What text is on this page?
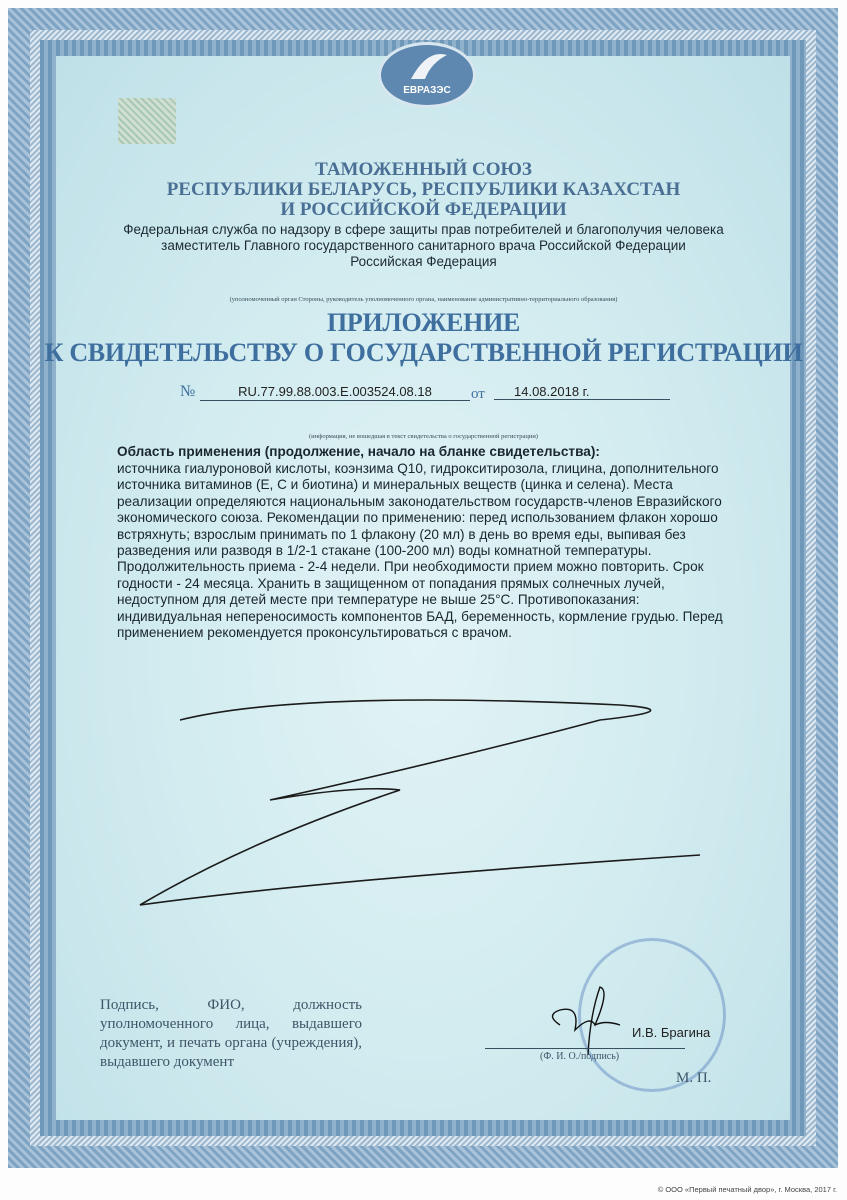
ЕВРАЗЭС
ТАМОЖЕННЫЙ СОЮЗ
РЕСПУБЛИКИ БЕЛАРУСЬ, РЕСПУБЛИКИ КАЗАХСТАН
И РОССИЙСКОЙ ФЕДЕРАЦИИ
Федеральная служба по надзору в сфере защиты прав потребителей и благополучия человека
заместитель Главного государственного санитарного врача Российской Федерации
Российская Федерация
(уполномоченный орган Стороны, руководитель уполномоченного органа, наименование административно-территориального образования)
ПРИЛОЖЕНИЕ
К СВИДЕТЕЛЬСТВУ О ГОСУДАРСТВЕННОЙ РЕГИСТРАЦИИ
№	RU.77.99.88.003.E.003524.08.18	от	14.08.2018 г.
(информация, не вошедшая в текст свидетельства о государственной регистрации)
Область применения (продолжение, начало на бланке свидетельства):
источника гиалуроновой кислоты, коэнзима Q10, гидрокситирозола, глицина, дополнительного источника витаминов (E, C и биотина) и минеральных веществ (цинка и селена). Места реализации определяются национальным законодательством государств-членов Евразийского экономического союза. Рекомендации по применению: перед использованием флакон хорошо встряхнуть; взрослым принимать по 1 флакону (20 мл) в день во время еды, выпивая без разведения или разводя в 1/2-1 стакане (100-200 мл) воды комнатной температуры. Продолжительность приема - 2-4 недели. При необходимости прием можно повторить. Срок годности - 24 месяца. Хранить в защищенном от попадания прямых солнечных лучей, недоступном для детей месте при температуре не выше 25°C. Противопоказания: индивидуальная непереносимость компонентов БАД, беременность, кормление грудью. Перед применением рекомендуется проконсультироваться с врачом.
Подпись, ФИО, должность уполномоченного лица, выдавшего документ, и печать органа (учреждения), выдавшего документ
И.В. Брагина
(Ф. И. О./подпись)
М. П.
© ООО «Первый печатный двор», г. Москва, 2017 г.
